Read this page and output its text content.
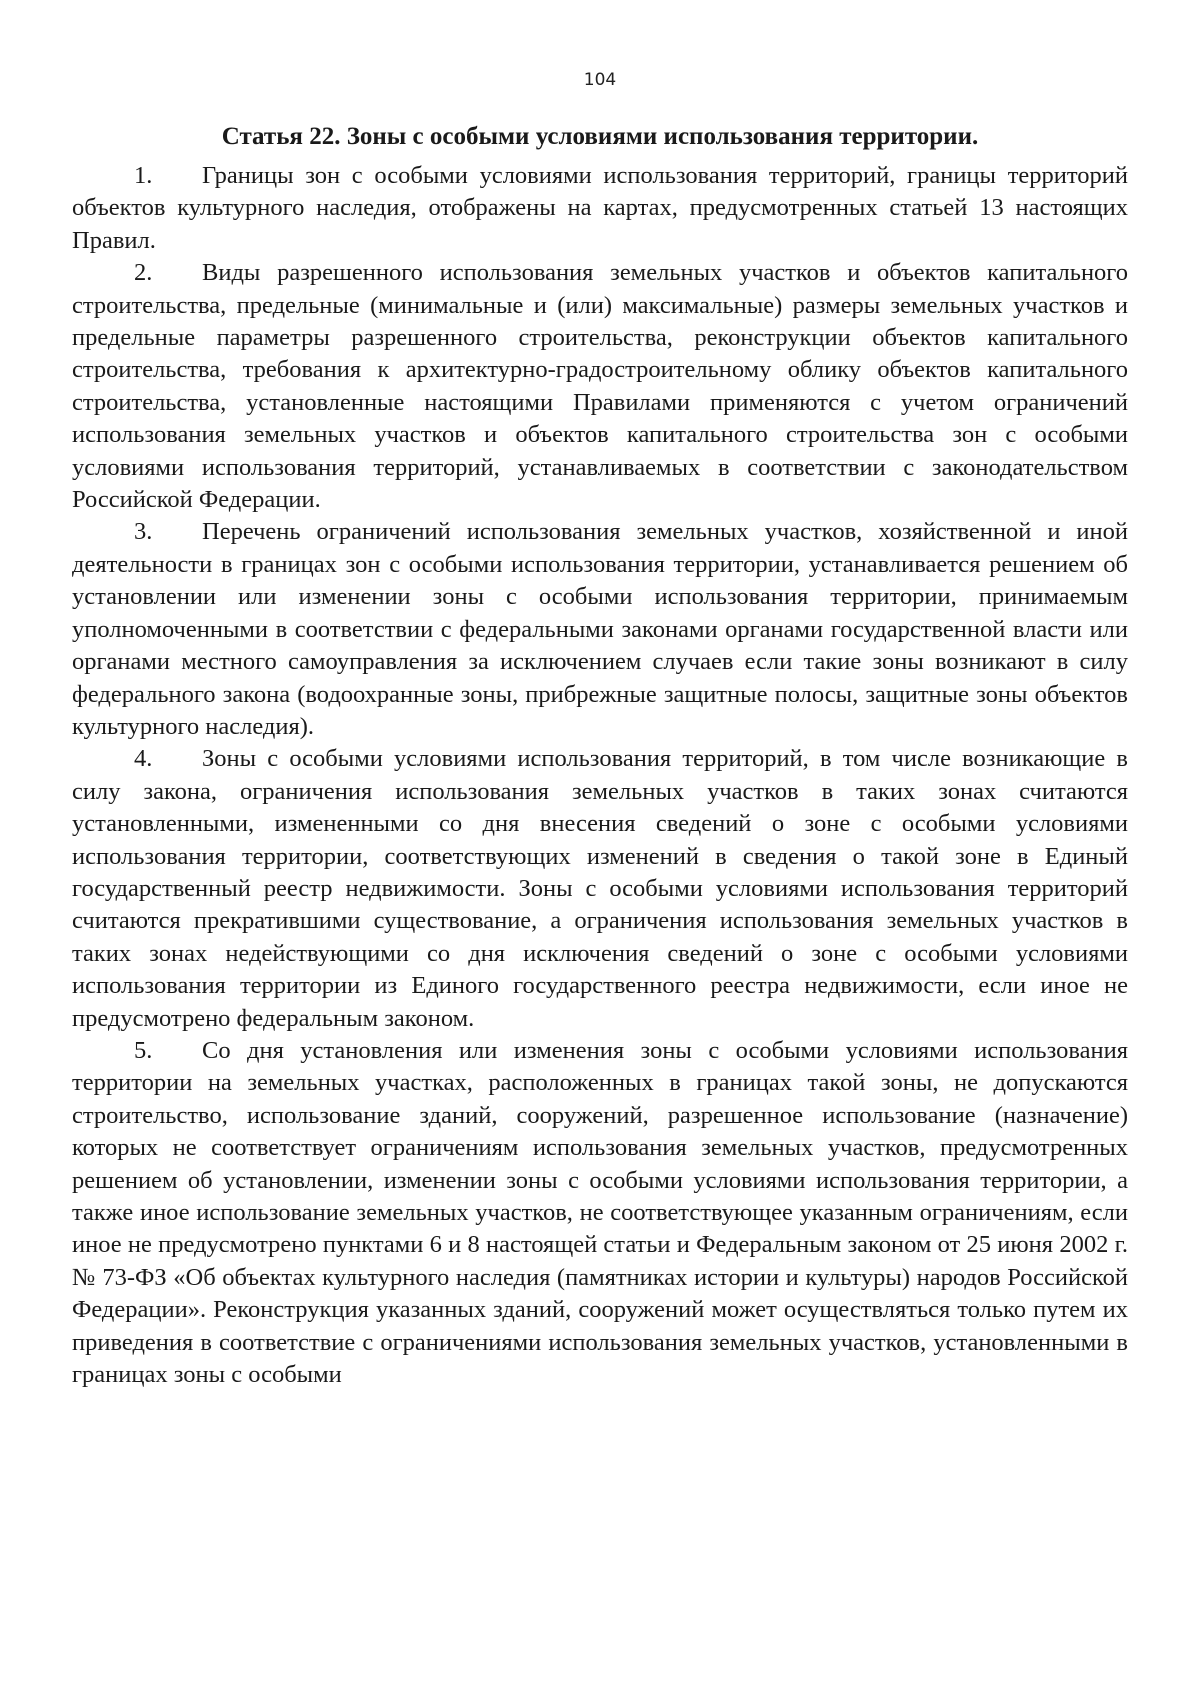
104
Статья 22. Зоны с особыми условиями использования территории.

1. Границы зон с особыми условиями использования территорий, границы территорий объектов культурного наследия, отображены на картах, предусмотренных статьей 13 настоящих Правил.

2. Виды разрешенного использования земельных участков и объектов капитального строительства, предельные (минимальные и (или) максимальные) размеры земельных участков и предельные параметры разрешенного строительства, реконструкции объектов капитального строительства, требования к архитектурно-градостроительному облику объектов капитального строительства, установленные настоящими Правилами применяются с учетом ограничений использования земельных участков и объектов капитального строительства зон с особыми условиями использования территорий, устанавливаемых в соответствии с законодательством Российской Федерации.

3. Перечень ограничений использования земельных участков, хозяйственной и иной деятельности в границах зон с особыми использования территории, устанавливается решением об установлении или изменении зоны с особыми использования территории, принимаемым уполномоченными в соответствии с федеральными законами органами государственной власти или органами местного самоуправления за исключением случаев если такие зоны возникают в силу федерального закона (водоохранные зоны, прибрежные защитные полосы, защитные зоны объектов культурного наследия).

4. Зоны с особыми условиями использования территорий, в том числе возникающие в силу закона, ограничения использования земельных участков в таких зонах считаются установленными, измененными со дня внесения сведений о зоне с особыми условиями использования территории, соответствующих изменений в сведения о такой зоне в Единый государственный реестр недвижимости. Зоны с особыми условиями использования территорий считаются прекратившими существование, а ограничения использования земельных участков в таких зонах недействующими со дня исключения сведений о зоне с особыми условиями использования территории из Единого государственного реестра недвижимости, если иное не предусмотрено федеральным законом.

5. Со дня установления или изменения зоны с особыми условиями использования территории на земельных участках, расположенных в границах такой зоны, не допускаются строительство, использование зданий, сооружений, разрешенное использование (назначение) которых не соответствует ограничениям использования земельных участков, предусмотренных решением об установлении, изменении зоны с особыми условиями использования территории, а также иное использование земельных участков, не соответствующее указанным ограничениям, если иное не предусмотрено пунктами 6 и 8 настоящей статьи и Федеральным законом от 25 июня 2002 г. № 73-ФЗ «Об объектах культурного наследия (памятниках истории и культуры) народов Российской Федерации». Реконструкция указанных зданий, сооружений может осуществляться только путем их приведения в соответствие с ограничениями использования земельных участков, установленными в границах зоны с особыми
